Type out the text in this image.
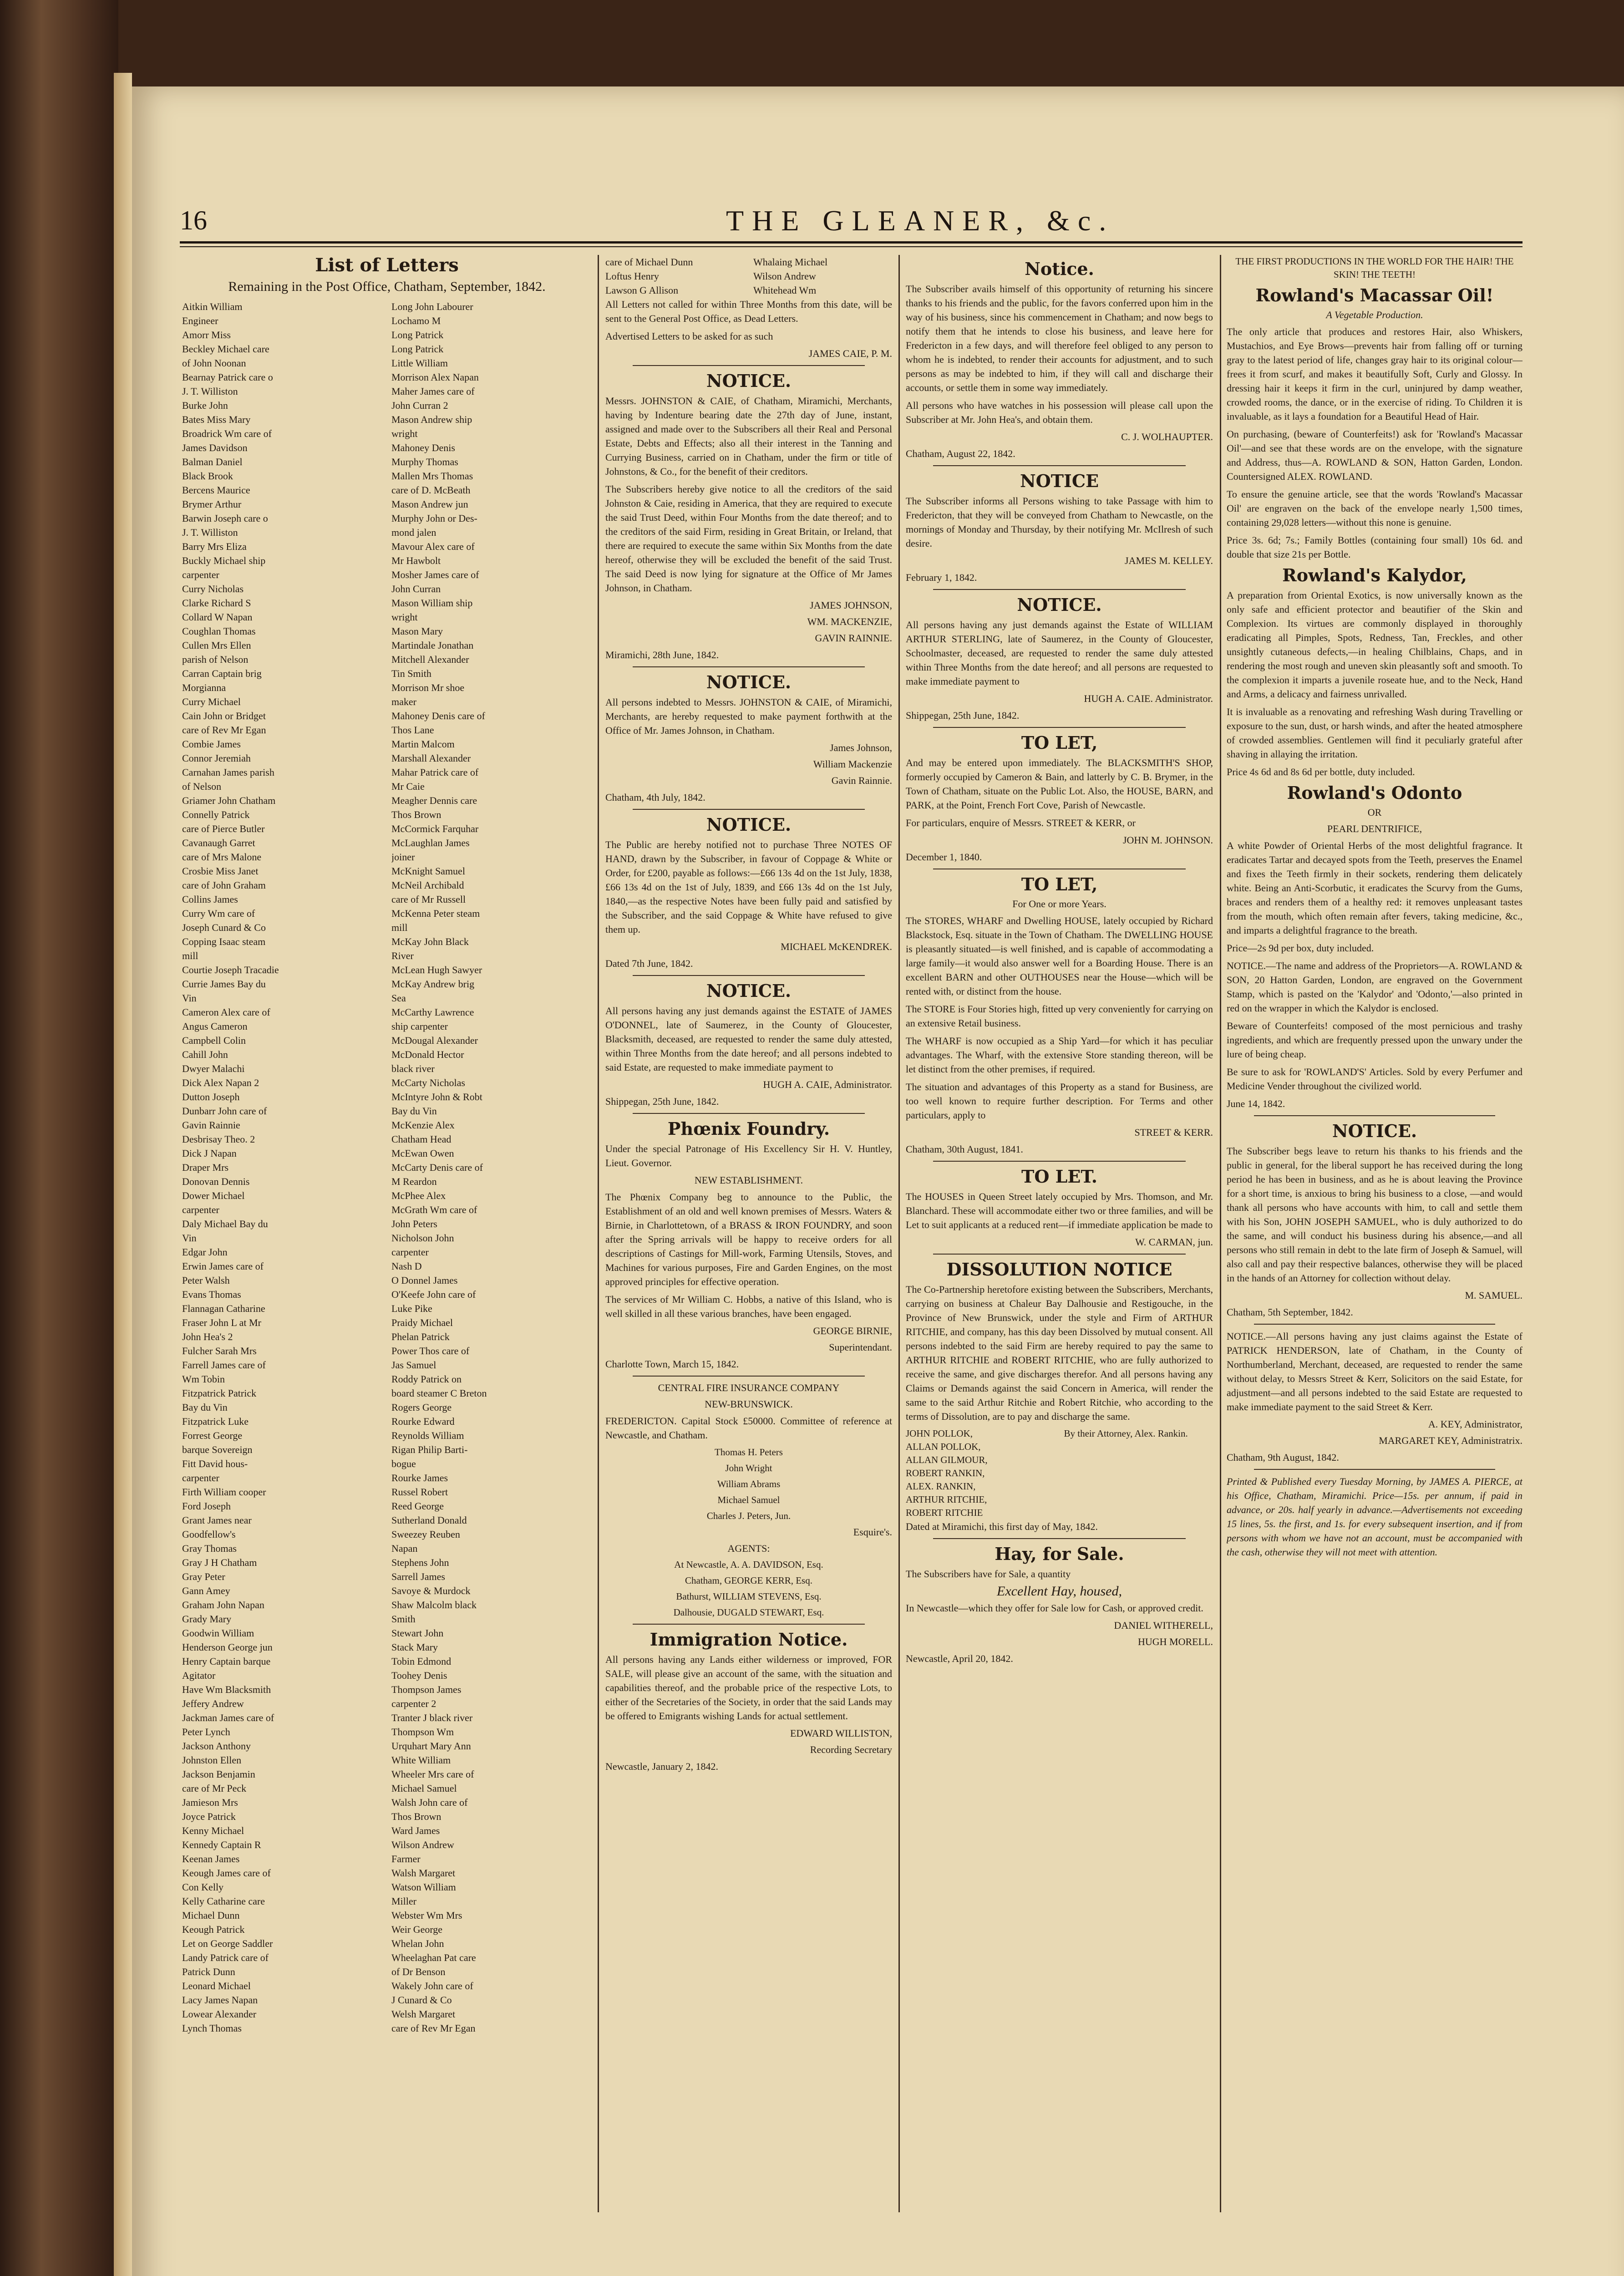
16	THE GLEANER, &c.
List of Letters
Remaining in the Post Office, Chatham, September, 1842.
Aitkin William
Engineer
Amorr Miss
Beckley Michael care
of John Noonan
Bearnay Patrick care o
J. T. Williston
Burke John
Bates Miss Mary
Broadrick Wm care of
James Davidson
Balman Daniel
Black Brook
Bercens Maurice
Brymer Arthur
Barwin Joseph care o
J. T. Williston
Barry Mrs Eliza
Buckly Michael ship
carpenter
Curry Nicholas
Clarke Richard S
Collard W Napan
Coughlan Thomas
Cullen Mrs Ellen
parish of Nelson
Carran Captain brig
Morgianna
Curry Michael
Cain John or Bridget
care of Rev Mr Egan
Combie James
Connor Jeremiah
Carnahan James parish
of Nelson
Griamer John Chatham
Connelly Patrick
care of Pierce Butler
Cavanaugh Garret
care of Mrs Malone
Crosbie Miss Janet
care of John Graham
Collins James
Curry Wm care of
Joseph Cunard & Co
Copping Isaac steam
mill
Courtie Joseph Tracadie
Currie James Bay du
Vin
Cameron Alex care of
Angus Cameron
Campbell Colin
Cahill John
Dwyer Malachi
Dick Alex Napan 2
Dutton Joseph
Dunbarr John care of
Gavin Rainnie
Desbrisay Theo. 2
Dick J Napan
Draper Mrs
Donovan Dennis
Dower Michael
carpenter
Daly Michael Bay du
Vin
Edgar John
Erwin James care of
Peter Walsh
Evans Thomas
Flannagan Catharine
Fraser John L at Mr
John Hea's 2
Fulcher Sarah Mrs
Farrell James care of
Wm Tobin
Fitzpatrick Patrick
Bay du Vin
Fitzpatrick Luke
Forrest George
barque Sovereign
Fitt David hous-
carpenter
Firth William cooper
Ford Joseph
Grant James near
Goodfellow's
Gray Thomas
Gray J H Chatham
Gray Peter
Gann Amey
Graham John Napan
Grady Mary
Goodwin William
Henderson George jun
Henry Captain barque
Agitator
Have Wm Blacksmith
Jeffery Andrew
Jackman James care of
Peter Lynch
Jackson Anthony
Johnston Ellen
Jackson Benjamin
care of Mr Peck
Jamieson Mrs
Joyce Patrick
Kenny Michael
Kennedy Captain R
Keenan James
Keough James care of
Con Kelly
Kelly Catharine care
Michael Dunn
Keough Patrick
Let on George Saddler
Landy Patrick care of
Patrick Dunn
Leonard Michael
Lacy James Napan
Lowear Alexander
Lynch Thomas
Long John Labourer
Lochamo M
Long Patrick
Long Patrick
Little William
Morrison Alex Napan
Maher James care of
John Curran 2
Mason Andrew ship
wright
Mahoney Denis
Murphy Thomas
Mallen Mrs Thomas
care of D. McBeath
Mason Andrew jun
Murphy John or Des-
mond jalen
Mavour Alex care of
Mr Hawbolt
Mosher James care of
John Curran
Mason William ship
wright
Mason Mary
Martindale Jonathan
Mitchell Alexander
Tin Smith
Morrison Mr shoe
maker
Mahoney Denis care of
Thos Lane
Martin Malcom
Marshall Alexander
Mahar Patrick care of
Mr Caie
Meagher Dennis care
Thos Brown
McCormick Farquhar
McLaughlan James
joiner
McKnight Samuel
McNeil Archibald
care of Mr Russell
McKenna Peter steam
mill
McKay John Black
River
McLean Hugh Sawyer
McKay Andrew brig
Sea
McCarthy Lawrence
ship carpenter
McDougal Alexander
McDonald Hector
black river
McCarty Nicholas
McIntyre John & Robt
Bay du Vin
McKenzie Alex
Chatham Head
McEwan Owen
McCarty Denis care of
M Reardon
McPhee Alex
McGrath Wm care of
John Peters
Nicholson John
carpenter
Nash D
O Donnel James
O'Keefe John care of
Luke Pike
Praidy Michael
Phelan Patrick
Power Thos care of
Jas Samuel
Roddy Patrick on
board steamer C Breton
Rogers George
Rourke Edward
Reynolds William
Rigan Philip Barti-
bogue
Rourke James
Russel Robert
Reed George
Sutherland Donald
Sweezey Reuben
Napan
Stephens John
Sarrell James
Savoye & Murdock
Shaw Malcolm black
Smith
Stewart John
Stack Mary
Tobin Edmond
Toohey Denis
Thompson James
carpenter 2
Tranter J black river
Thompson Wm
Urquhart Mary Ann
White William
Wheeler Mrs care of
Michael Samuel
Walsh John care of
Thos Brown
Ward James
Wilson Andrew
Farmer
Walsh Margaret
Watson William
Miller
Webster Wm Mrs
Weir George
Whelan John
Wheelaghan Pat care
of Dr Benson
Wakely John care of
J Cunard & Co
Welsh Margaret
care of Rev Mr Egan
care of Michael Dunn
Loftus Henry
Lawson G Allison
Whalaing Michael
Wilson Andrew
Whitehead Wm

All Letters not called for within Three Months from this date, will be sent to the General Post Office, as Dead Letters.

Advertised Letters to be asked for as such

JAMES CAIE, P. M.
NOTICE.

Messrs. JOHNSTON & CAIE, of Chatham, Miramichi, Merchants, having by Indenture bearing date the 27th day of June, instant, assigned and made over to the Subscribers all their Real and Personal Estate, Debts and Effects; also all their interest in the Tanning and Currying Business, carried on in Chatham, under the firm or title of Johnstons, & Co., for the benefit of their creditors.

The Subscribers hereby give notice to all the creditors of the said Johnston & Caie, residing in America, that they are required to execute the said Trust Deed, within Four Months from the date thereof; and to the creditors of the said Firm, residing in Great Britain, or Ireland, that there are required to execute the same within Six Months from the date hereof, otherwise they will be excluded the benefit of the said Trust. The said Deed is now lying for signature at the Office of Mr James Johnson, in Chatham.

JAMES JOHNSON,
WM. MACKENZIE,
GAVIN RAINNIE.

Miramichi, 28th June, 1842.

NOTICE.

All persons indebted to Messrs. JOHNSTON & CAIE, of Miramichi, Merchants, are hereby requested to make payment forthwith at the Office of Mr. James Johnson, in Chatham.

James Johnson,
William Mackenzie
Gavin Rainnie.

Chatham, 4th July, 1842.

NOTICE.

The Public are hereby notified not to purchase Three NOTES OF HAND, drawn by the Subscriber, in favour of Coppage & White or Order, for £200, payable as follows:—£66 13s 4d on the 1st July, 1838, £66 13s 4d on the 1st of July, 1839, and £66 13s 4d on the 1st July, 1840,—as the respective Notes have been fully paid and satisfied by the Subscriber, and the said Coppage & White have refused to give them up.

MICHAEL McKENDREK.

Dated 7th June, 1842.

NOTICE.

All persons having any just demands against the ESTATE of JAMES O'DONNEL, late of Saumerez, in the County of Gloucester, Blacksmith, deceased, are requested to render the same duly attested, within Three Months from the date hereof; and all persons indebted to said Estate, are requested to make immediate payment to

HUGH A. CAIE, Administrator.

Shippegan, 25th June, 1842.

Phœnix Foundry.

Under the special Patronage of His Excellency Sir H. V. Huntley, Lieut. Governor.

NEW ESTABLISHMENT.

The Phœnix Company beg to announce to the Public, the Establishment of an old and well known premises of Messrs. Waters & Birnie, in Charlottetown, of a BRASS & IRON FOUNDRY, and soon after the Spring arrivals will be happy to receive orders for all descriptions of Castings for Mill-work, Farming Utensils, Stoves, and Machines for various purposes, Fire and Garden Engines, on the most approved principles for effective operation.

The services of Mr William C. Hobbs, a native of this Island, who is well skilled in all these various branches, have been engaged.

GEORGE BIRNIE,
Superintendant.

Charlotte Town, March 15, 1842.

CENTRAL FIRE INSURANCE COMPANY
NEW-BRUNSWICK.

FREDERICTON. Capital Stock £50000. Committee of reference at Newcastle, and Chatham.

Thomas H. Peters
John Wright
William Abrams
Michael Samuel
Charles J. Peters, Jun.
Esquire's.
AGENTS:
At Newcastle, A. A. DAVIDSON, Esq.
Chatham, GEORGE KERR, Esq.
Bathurst, WILLIAM STEVENS, Esq.
Dalhousie, DUGALD STEWART, Esq.
Immigration Notice.

All persons having any Lands either wilderness or improved, FOR SALE, will please give an account of the same, with the situation and capabilities thereof, and the probable price of the respective Lots, to either of the Secretaries of the Society, in order that the said Lands may be offered to Emigrants wishing Lands for actual settlement.

EDWARD WILLISTON,
Recording Secretary

Newcastle, January 2, 1842.

Notice.

The Subscriber avails himself of this opportunity of returning his sincere thanks to his friends and the public, for the favors conferred upon him in the way of his business, since his commencement in Chatham; and now begs to notify them that he intends to close his business, and leave here for Fredericton in a few days, and will therefore feel obliged to any person to whom he is indebted, to render their accounts for adjustment, and to such persons as may be indebted to him, if they will call and discharge their accounts, or settle them in some way immediately.

All persons who have watches in his possession will please call upon the Subscriber at Mr. John Hea's, and obtain them.

C. J. WOLHAUPTER.

Chatham, August 22, 1842.

NOTICE

The Subscriber informs all Persons wishing to take Passage with him to Fredericton, that they will be conveyed from Chatham to Newcastle, on the mornings of Monday and Thursday, by their notifying Mr. McIlresh of such desire.

JAMES M. KELLEY.

February 1, 1842.

NOTICE.

All persons having any just demands against the Estate of WILLIAM ARTHUR STERLING, late of Saumerez, in the County of Gloucester, Schoolmaster, deceased, are requested to render the same duly attested within Three Months from the date hereof; and all persons are requested to make immediate payment to

HUGH A. CAIE. Administrator.

Shippegan, 25th June, 1842.

TO LET,

And may be entered upon immediately. The BLACKSMITH'S SHOP, formerly occupied by Cameron & Bain, and latterly by C. B. Brymer, in the Town of Chatham, situate on the Public Lot. Also, the HOUSE, BARN, and PARK, at the Point, French Fort Cove, Parish of Newcastle.

For particulars, enquire of Messrs. STREET & KERR, or

JOHN M. JOHNSON.

December 1, 1840.

TO LET,
For One or more Years.

The STORES, WHARF and Dwelling HOUSE, lately occupied by Richard Blackstock, Esq. situate in the Town of Chatham. The DWELLING HOUSE is pleasantly situated—is well finished, and is capable of accommodating a large family—it would also answer well for a Boarding House. There is an excellent BARN and other OUTHOUSES near the House—which will be rented with, or distinct from the house.

The STORE is Four Stories high, fitted up very conveniently for carrying on an extensive Retail business.

The WHARF is now occupied as a Ship Yard—for which it has peculiar advantages. The Wharf, with the extensive Store standing thereon, will be let distinct from the other premises, if required.

The situation and advantages of this Property as a stand for Business, are too well known to require further description. For Terms and other particulars, apply to

STREET & KERR.

Chatham, 30th August, 1841.

TO LET.

The HOUSES in Queen Street lately occupied by Mrs. Thomson, and Mr. Blanchard. These will accommodate either two or three families, and will be Let to suit applicants at a reduced rent—if immediate application be made to

W. CARMAN, jun.
DISSOLUTION NOTICE

The Co-Partnership heretofore existing between the Subscribers, Merchants, carrying on business at Chaleur Bay Dalhousie and Restigouche, in the Province of New Brunswick, under the style and Firm of ARTHUR RITCHIE, and company, has this day been Dissolved by mutual consent. All persons indebted to the said Firm are hereby required to pay the same to ARTHUR RITCHIE and ROBERT RITCHIE, who are fully authorized to receive the same, and give discharges therefor. And all persons having any Claims or Demands against the said Concern in America, will render the same to the said Arthur Ritchie and Robert Ritchie, who according to the terms of Dissolution, are to pay and discharge the same.

JOHN POLLOK,
ALLAN POLLOK,
ALLAN GILMOUR,
ROBERT RANKIN,
ALEX. RANKIN,
ARTHUR RITCHIE,
ROBERT RITCHIE
By their Attorney, Alex. Rankin.

Dated at Miramichi, this first day of May, 1842.

Hay, for Sale.

The Subscribers have for Sale, a quantity

Excellent Hay, housed,

In Newcastle—which they offer for Sale low for Cash, or approved credit.

DANIEL WITHERELL,
HUGH MORELL.

Newcastle, April 20, 1842.

THE FIRST PRODUCTIONS IN THE WORLD FOR THE HAIR! THE SKIN! THE TEETH!
Rowland's Macassar Oil!
A Vegetable Production.

The only article that produces and restores Hair, also Whiskers, Mustachios, and Eye Brows—prevents hair from falling off or turning gray to the latest period of life, changes gray hair to its original colour—frees it from scurf, and makes it beautifully Soft, Curly and Glossy. In dressing hair it keeps it firm in the curl, uninjured by damp weather, crowded rooms, the dance, or in the exercise of riding. To Children it is invaluable, as it lays a foundation for a Beautiful Head of Hair.

On purchasing, (beware of Counterfeits!) ask for 'Rowland's Macassar Oil'—and see that these words are on the envelope, with the signature and Address, thus—A. ROWLAND & SON, Hatton Garden, London. Countersigned ALEX. ROWLAND.

To ensure the genuine article, see that the words 'Rowland's Macassar Oil' are engraven on the back of the envelope nearly 1,500 times, containing 29,028 letters—without this none is genuine.

Price 3s. 6d; 7s.; Family Bottles (containing four small) 10s 6d. and double that size 21s per Bottle.

Rowland's Kalydor,

A preparation from Oriental Exotics, is now universally known as the only safe and efficient protector and beautifier of the Skin and Complexion. Its virtues are commonly displayed in thoroughly eradicating all Pimples, Spots, Redness, Tan, Freckles, and other unsightly cutaneous defects,—in healing Chilblains, Chaps, and in rendering the most rough and uneven skin pleasantly soft and smooth. To the complexion it imparts a juvenile roseate hue, and to the Neck, Hand and Arms, a delicacy and fairness unrivalled.

It is invaluable as a renovating and refreshing Wash during Travelling or exposure to the sun, dust, or harsh winds, and after the heated atmosphere of crowded assemblies. Gentlemen will find it peculiarly grateful after shaving in allaying the irritation.

Price 4s 6d and 8s 6d per bottle, duty included.

Rowland's Odonto
OR
PEARL DENTRIFICE,

A white Powder of Oriental Herbs of the most delightful fragrance. It eradicates Tartar and decayed spots from the Teeth, preserves the Enamel and fixes the Teeth firmly in their sockets, rendering them delicately white. Being an Anti-Scorbutic, it eradicates the Scurvy from the Gums, braces and renders them of a healthy red: it removes unpleasant tastes from the mouth, which often remain after fevers, taking medicine, &c., and imparts a delightful fragrance to the breath.

Price—2s 9d per box, duty included.

NOTICE.—The name and address of the Proprietors—A. ROWLAND & SON, 20 Hatton Garden, London, are engraved on the Government Stamp, which is pasted on the 'Kalydor' and 'Odonto,'—also printed in red on the wrapper in which the Kalydor is enclosed.

Beware of Counterfeits! composed of the most pernicious and trashy ingredients, and which are frequently pressed upon the unwary under the lure of being cheap.

Be sure to ask for 'ROWLAND'S' Articles. Sold by every Perfumer and Medicine Vender throughout the civilized world.

June 14, 1842.

NOTICE.

The Subscriber begs leave to return his thanks to his friends and the public in general, for the liberal support he has received during the long period he has been in business, and as he is about leaving the Province for a short time, is anxious to bring his business to a close, —and would thank all persons who have accounts with him, to call and settle them with his Son, JOHN JOSEPH SAMUEL, who is duly authorized to do the same, and will conduct his business during his absence,—and all persons who still remain in debt to the late firm of Joseph & Samuel, will also call and pay their respective balances, otherwise they will be placed in the hands of an Attorney for collection without delay.

M. SAMUEL.

Chatham, 5th September, 1842.

NOTICE.—All persons having any just claims against the Estate of PATRICK HENDERSON, late of Chatham, in the County of Northumberland, Merchant, deceased, are requested to render the same without delay, to Messrs Street & Kerr, Solicitors on the said Estate, for adjustment—and all persons indebted to the said Estate are requested to make immediate payment to the said Street & Kerr.

A. KEY, Administrator,
MARGARET KEY, Administratrix.

Chatham, 9th August, 1842.

Printed & Published every Tuesday Morning, by JAMES A. PIERCE, at his Office, Chatham, Miramichi. Price—15s. per annum, if paid in advance, or 20s. half yearly in advance.—Advertisements not exceeding 15 lines, 5s. the first, and 1s. for every subsequent insertion, and if from persons with whom we have not an account, must be accompanied with the cash, otherwise they will not meet with attention.
